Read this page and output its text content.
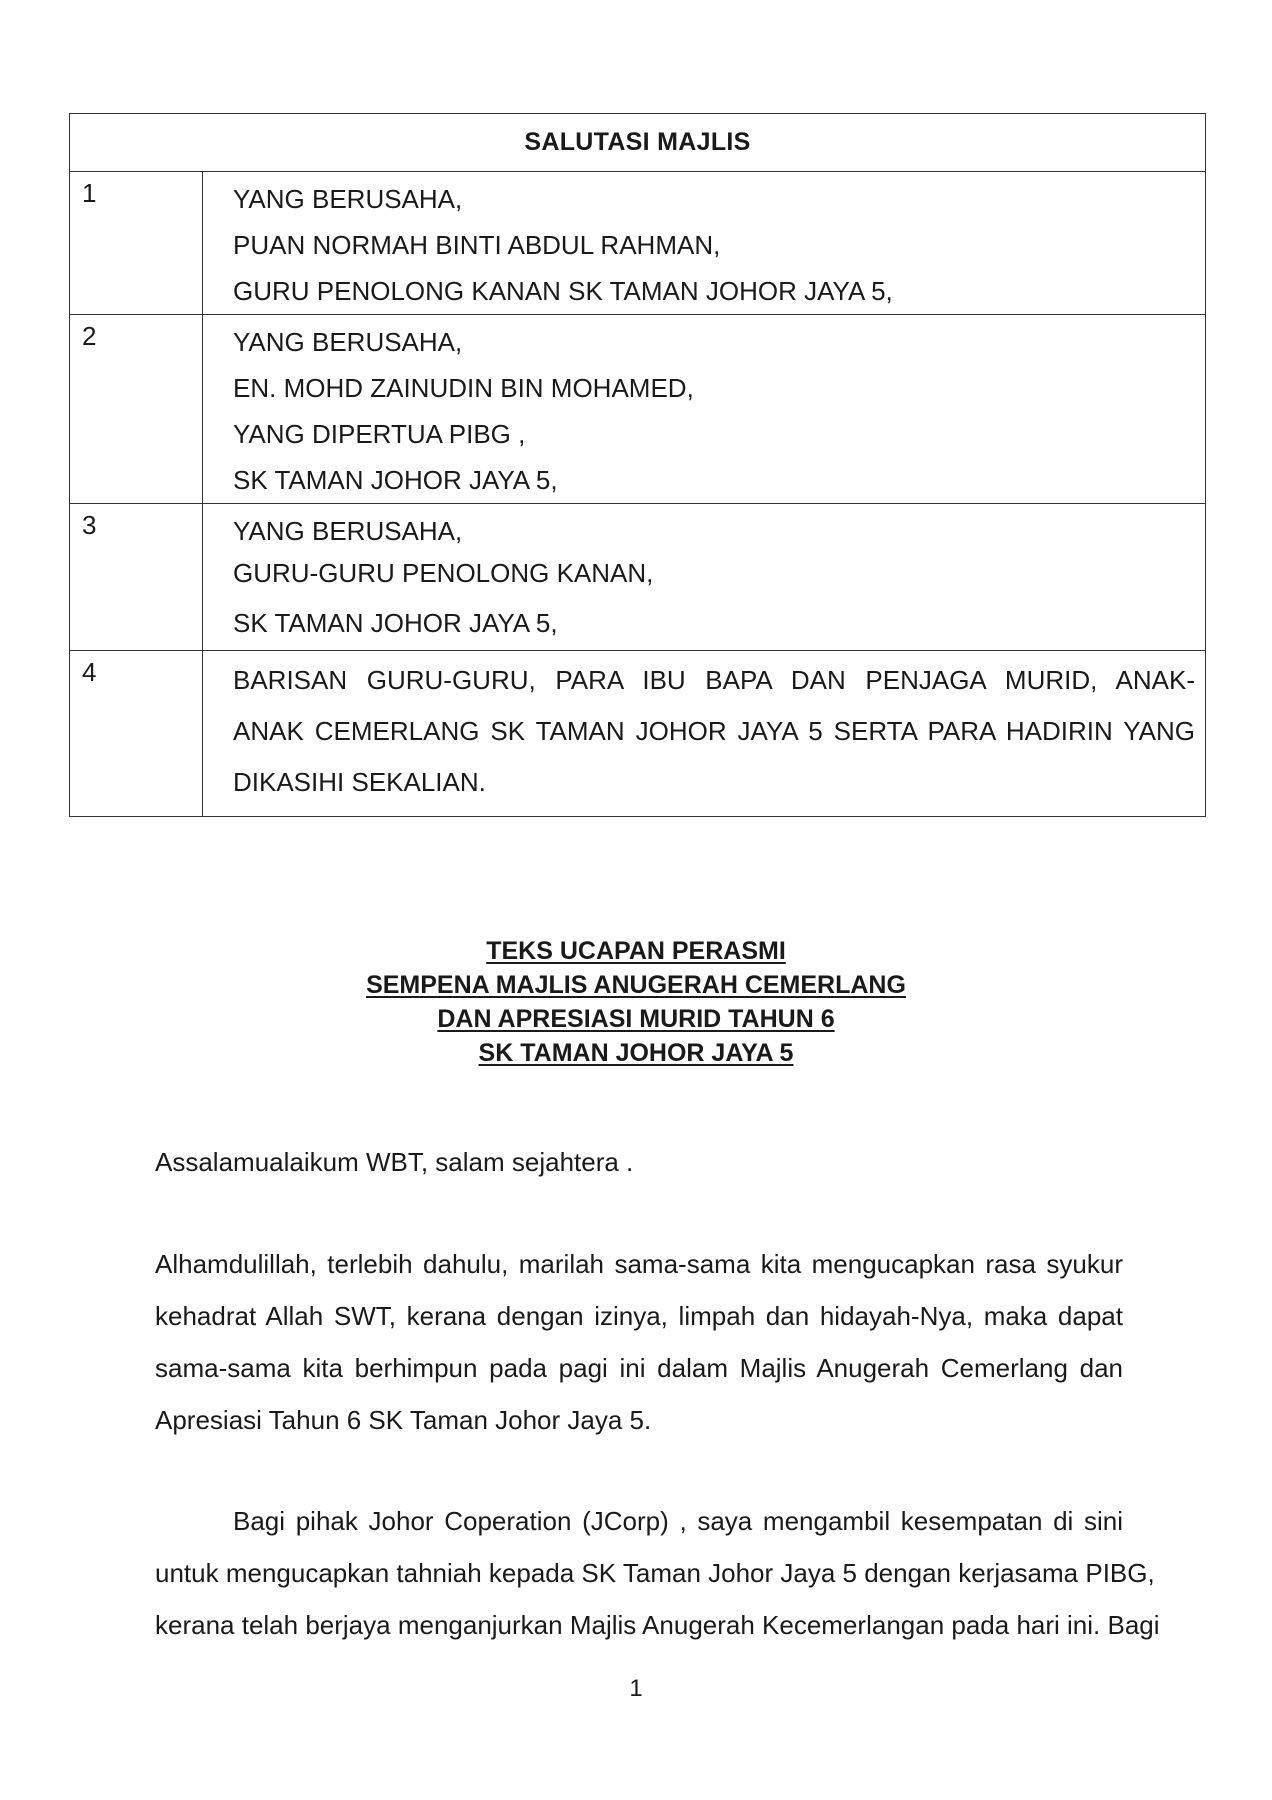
SALUTASI MAJLIS	
1	YANG BERUSAHA,
PUAN NORMAH BINTI ABDUL RAHMAN,
GURU PENOLONG KANAN SK TAMAN JOHOR JAYA 5,

2	YANG BERUSAHA,
EN. MOHD ZAINUDIN BIN MOHAMED,
YANG DIPERTUA PIBG ,
SK TAMAN JOHOR JAYA 5,

3	YANG BERUSAHA,
GURU-GURU PENOLONG KANAN,
SK TAMAN JOHOR JAYA 5,

4	BARISAN GURU-GURU, PARA IBU BAPA DAN PENJAGA MURID, ANAK-
ANAK CEMERLANG SK TAMAN JOHOR JAYA 5 SERTA PARA HADIRIN YANG
DIKASIHI SEKALIAN.
TEKS UCAPAN PERASMI
SEMPENA MAJLIS ANUGERAH CEMERLANG
DAN APRESIASI MURID TAHUN 6
SK TAMAN JOHOR JAYA 5
Assalamualaikum WBT, salam sejahtera .
Alhamdulillah, terlebih dahulu, marilah sama-sama kita mengucapkan rasa syukur
kehadrat Allah SWT, kerana dengan izinya, limpah dan hidayah-Nya, maka dapat
sama-sama kita berhimpun pada pagi ini dalam Majlis Anugerah Cemerlang dan
Apresiasi Tahun 6 SK Taman Johor Jaya 5.
Bagi pihak Johor Coperation (JCorp) , saya mengambil kesempatan di sini
untuk mengucapkan tahniah kepada SK Taman Johor Jaya 5 dengan kerjasama PIBG,
kerana telah berjaya menganjurkan Majlis Anugerah Kecemerlangan pada hari ini. Bagi
1
